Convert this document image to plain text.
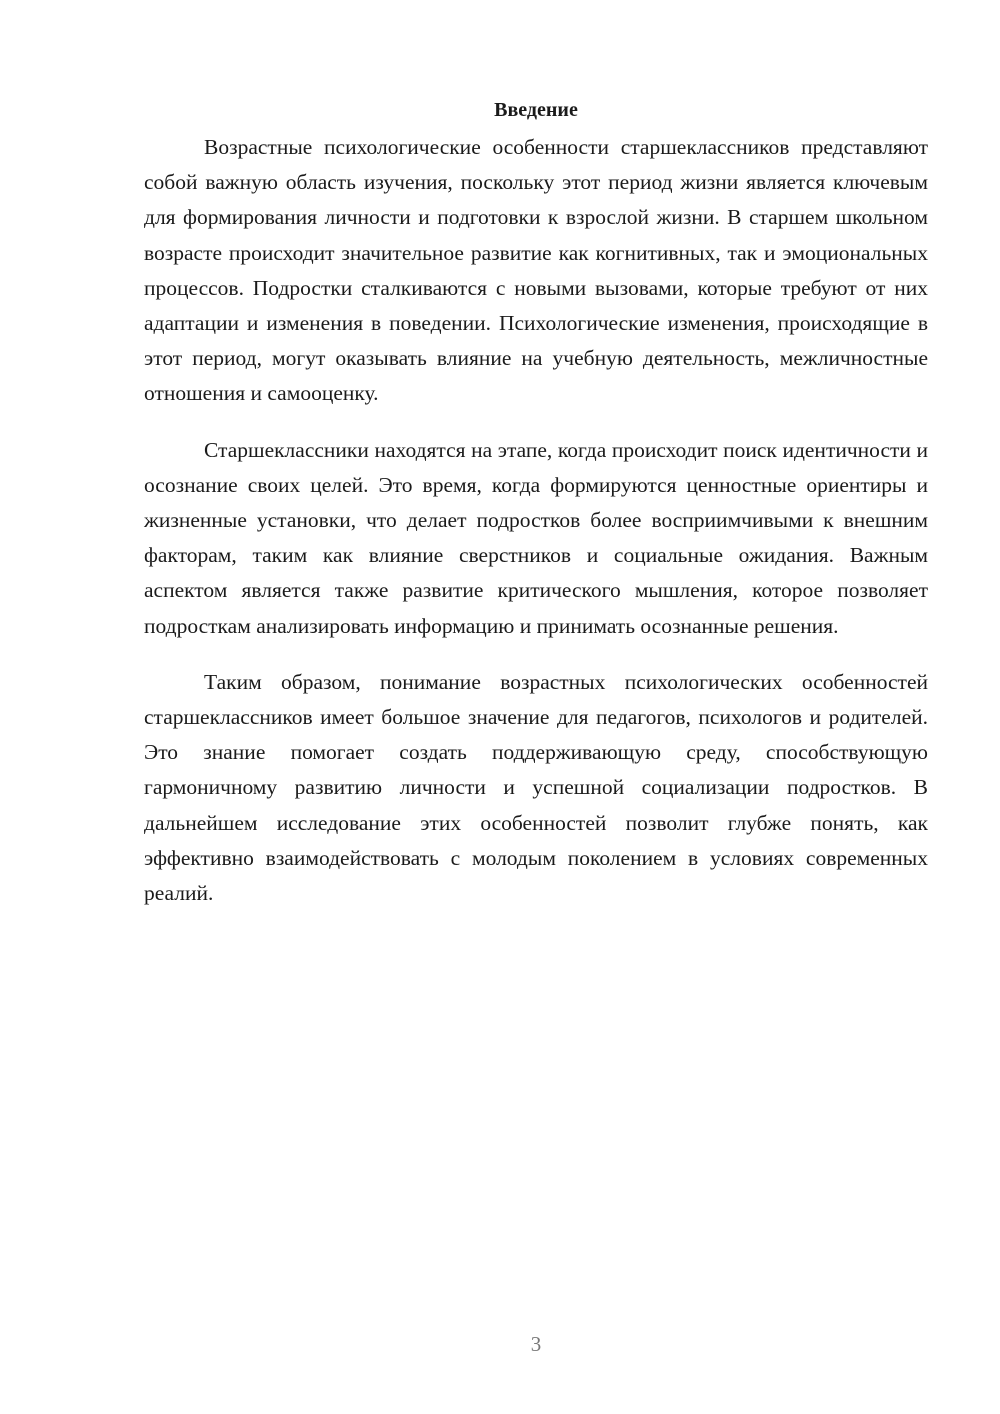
Введение

Возрастные психологические особенности старшеклассников представляют собой важную область изучения, поскольку этот период жизни является ключевым для формирования личности и подготовки к взрослой жизни. В старшем школьном возрасте происходит значительное развитие как когнитивных, так и эмоциональных процессов. Подростки сталкиваются с новыми вызовами, которые требуют от них адаптации и изменения в поведении. Психологические изменения, происходящие в этот период, могут оказывать влияние на учебную деятельность, межличностные отношения и самооценку.

Старшеклассники находятся на этапе, когда происходит поиск идентичности и осознание своих целей. Это время, когда формируются ценностные ориентиры и жизненные установки, что делает подростков более восприимчивыми к внешним факторам, таким как влияние сверстников и социальные ожидания. Важным аспектом является также развитие критического мышления, которое позволяет подросткам анализировать информацию и принимать осознанные решения.

Таким образом, понимание возрастных психологических особенностей старшеклассников имеет большое значение для педагогов, психологов и родителей. Это знание помогает создать поддерживающую среду, способствующую гармоничному развитию личности и успешной социализации подростков. В дальнейшем исследование этих особенностей позволит глубже понять, как эффективно взаимодействовать с молодым поколением в условиях современных реалий.

3
